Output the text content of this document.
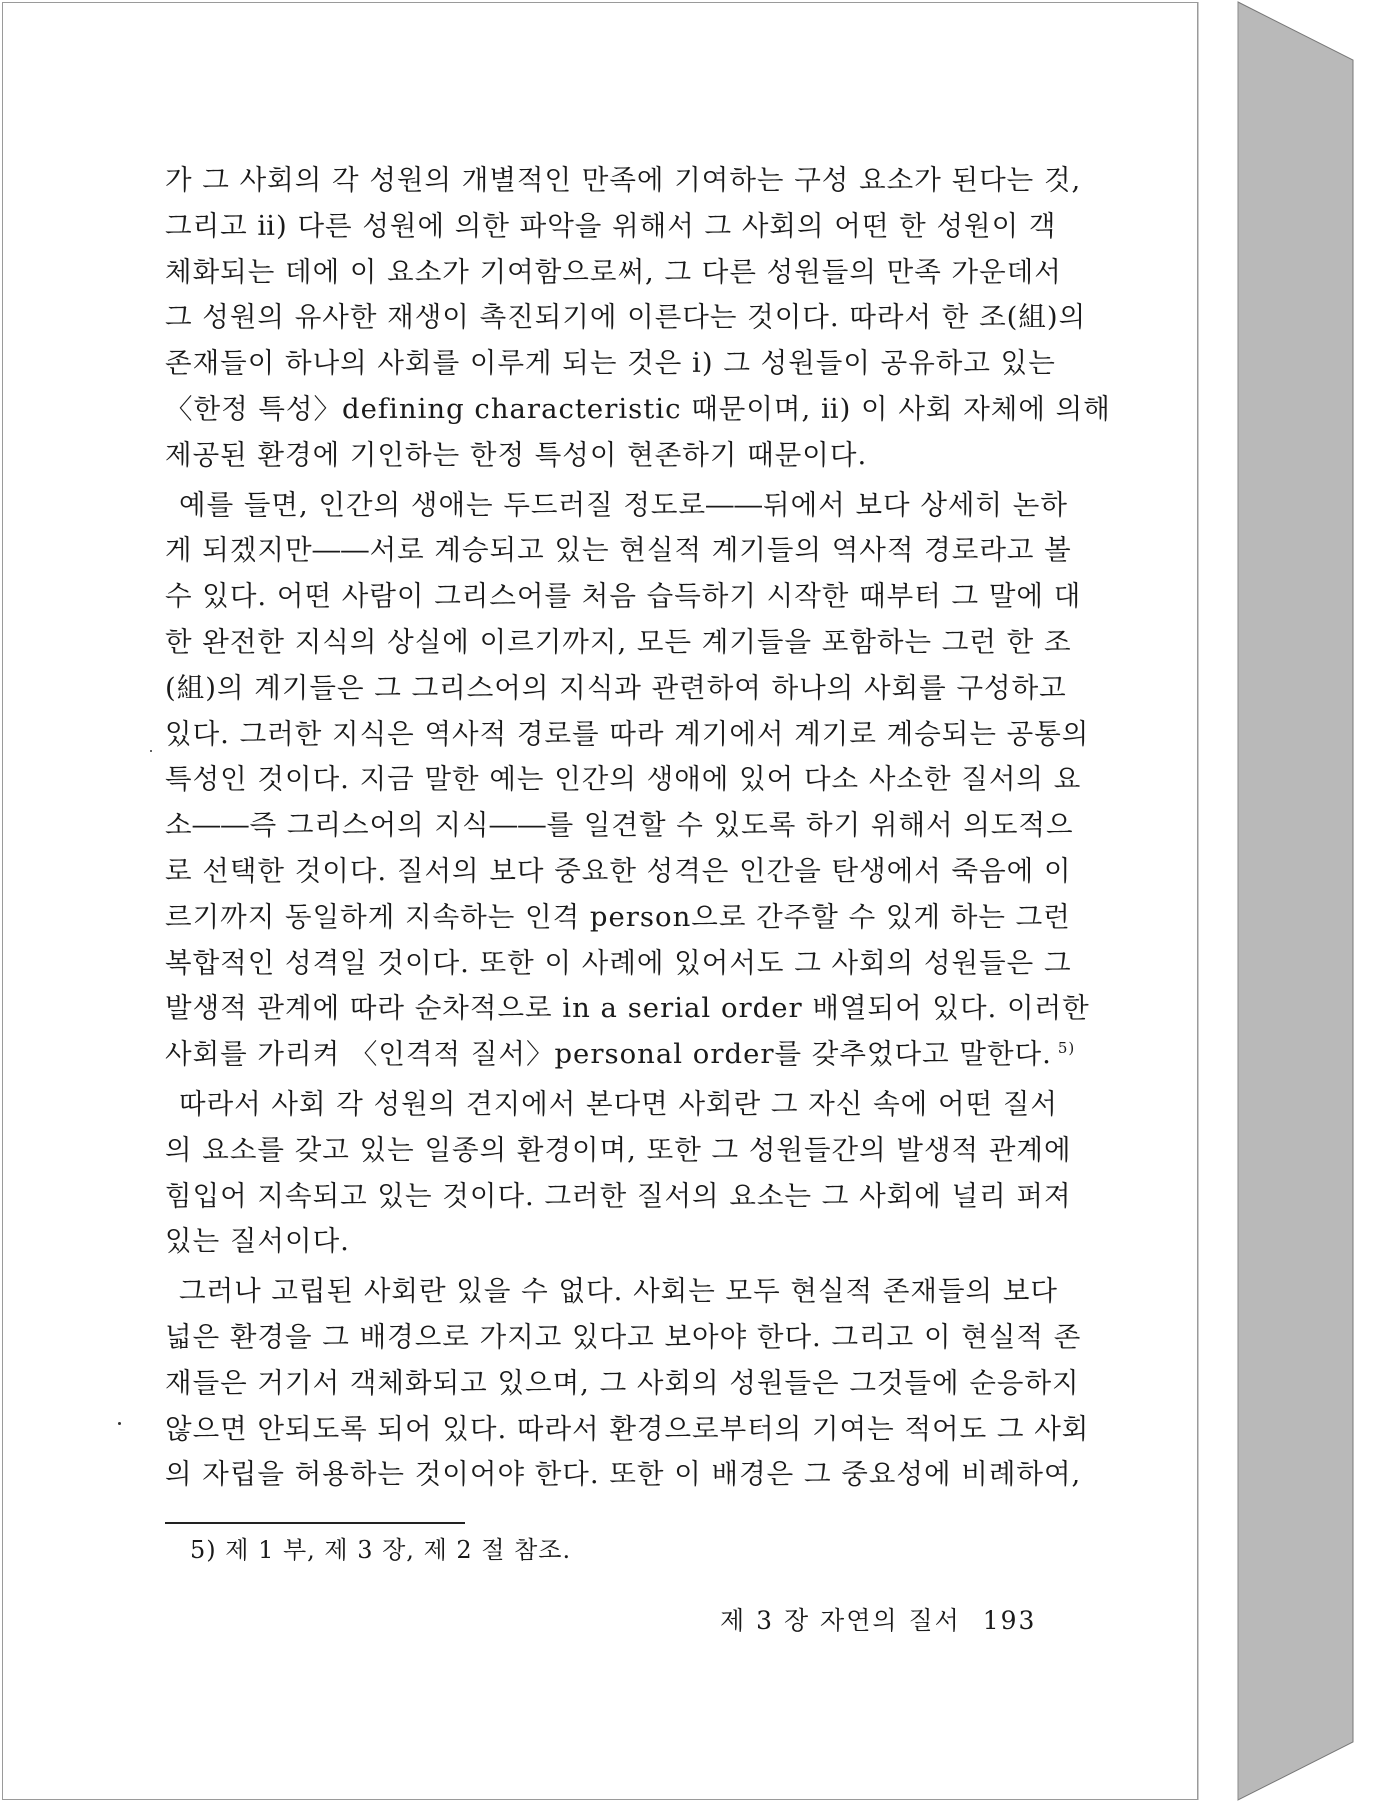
가 그 사회의 각 성원의 개별적인 만족에 기여하는 구성 요소가 된다는 것,
그리고 ⅱ) 다른 성원에 의한 파악을 위해서 그 사회의 어떤 한 성원이 객
체화되는 데에 이 요소가 기여함으로써, 그 다른 성원들의 만족 가운데서
그 성원의 유사한 재생이 촉진되기에 이른다는 것이다. 따라서 한 조(組)의
존재들이 하나의 사회를 이루게 되는 것은 ⅰ) 그 성원들이 공유하고 있는
〈한정 특성〉defining characteristic 때문이며, ⅱ) 이 사회 자체에 의해
제공된 환경에 기인하는 한정 특성이 현존하기 때문이다.
예를 들면, 인간의 생애는 두드러질 정도로――뒤에서 보다 상세히 논하
게 되겠지만――서로 계승되고 있는 현실적 계기들의 역사적 경로라고 볼
수 있다. 어떤 사람이 그리스어를 처음 습득하기 시작한 때부터 그 말에 대
한 완전한 지식의 상실에 이르기까지, 모든 계기들을 포함하는 그런 한 조
(組)의 계기들은 그 그리스어의 지식과 관련하여 하나의 사회를 구성하고
있다. 그러한 지식은 역사적 경로를 따라 계기에서 계기로 계승되는 공통의
특성인 것이다. 지금 말한 예는 인간의 생애에 있어 다소 사소한 질서의 요
소――즉 그리스어의 지식――를 일견할 수 있도록 하기 위해서 의도적으
로 선택한 것이다. 질서의 보다 중요한 성격은 인간을 탄생에서 죽음에 이
르기까지 동일하게 지속하는 인격 person으로 간주할 수 있게 하는 그런
복합적인 성격일 것이다. 또한 이 사례에 있어서도 그 사회의 성원들은 그
발생적 관계에 따라 순차적으로 in a serial order 배열되어 있다. 이러한
사회를 가리켜 〈인격적 질서〉personal order를 갖추었다고 말한다. $^{5)}$
따라서 사회 각 성원의 견지에서 본다면 사회란 그 자신 속에 어떤 질서
의 요소를 갖고 있는 일종의 환경이며, 또한 그 성원들간의 발생적 관계에
힘입어 지속되고 있는 것이다. 그러한 질서의 요소는 그 사회에 널리 퍼져
있는 질서이다.
그러나 고립된 사회란 있을 수 없다. 사회는 모두 현실적 존재들의 보다
넓은 환경을 그 배경으로 가지고 있다고 보아야 한다. 그리고 이 현실적 존
재들은 거기서 객체화되고 있으며, 그 사회의 성원들은 그것들에 순응하지
않으면 안되도록 되어 있다. 따라서 환경으로부터의 기여는 적어도 그 사회
의 자립을 허용하는 것이어야 한다. 또한 이 배경은 그 중요성에 비례하여,
5) 제 1 부, 제 3 장, 제 2 절 참조.
제 3 장 자연의 질서 193
